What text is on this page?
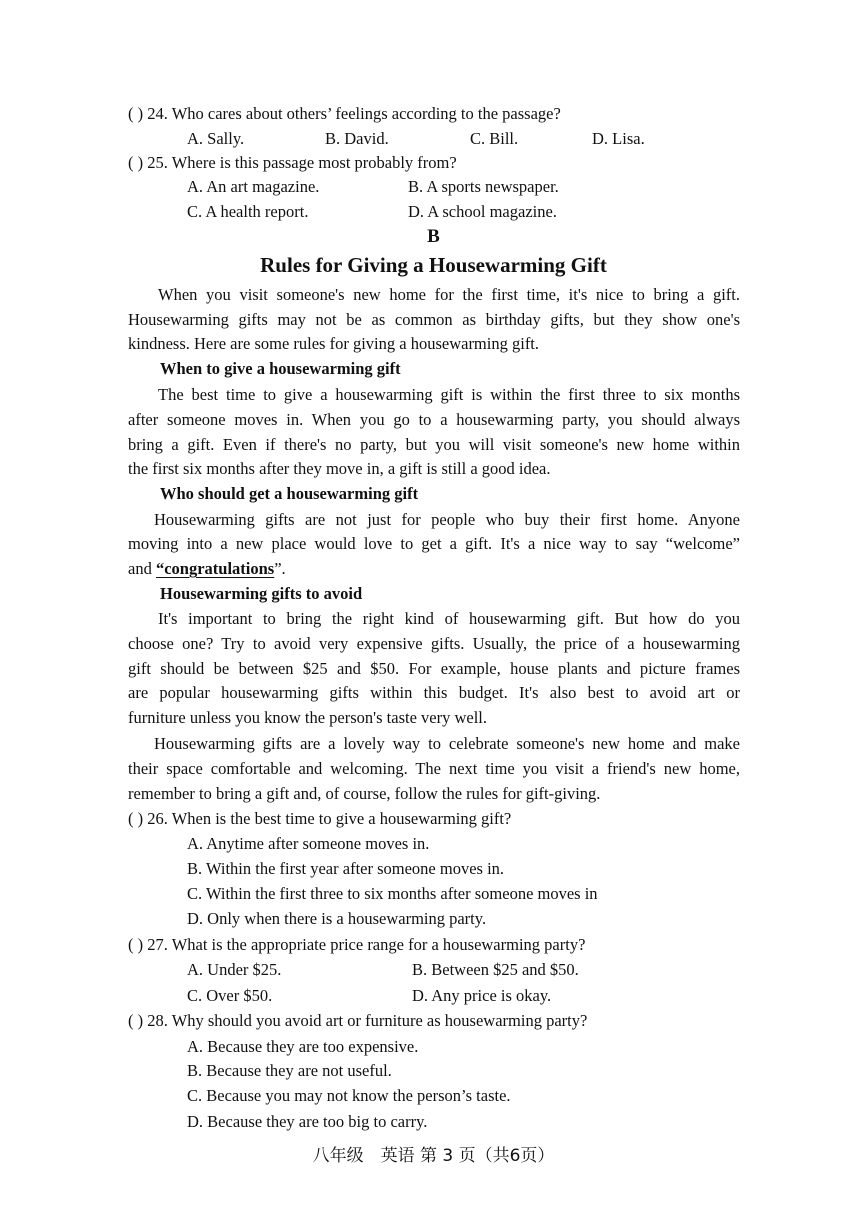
( ) 24. Who cares about others’ feelings according to the passage?
A. Sally.	B. David.	C. Bill.	D. Lisa.
( ) 25. Where is this passage most probably from?
A. An art magazine.	B. A sports newspaper.
C. A health report.	D. A school magazine.
B
Rules for Giving a Housewarming Gift
When you visit someone's new home for the first time, it's nice to bring a gift.
Housewarming gifts may not be as common as birthday gifts, but they show one's
kindness. Here are some rules for giving a housewarming gift.
When to give a housewarming gift
The best time to give a housewarming gift is within the first three to six months
after someone moves in. When you go to a housewarming party, you should always
bring a gift. Even if there's no party, but you will visit someone's new home within
the first six months after they move in, a gift is still a good idea.
Who should get a housewarming gift
Housewarming gifts are not just for people who buy their first home. Anyone
moving into a new place would love to get a gift. It's a nice way to say “welcome”
and “congratulations”.
Housewarming gifts to avoid
It's important to bring the right kind of housewarming gift. But how do you
choose one? Try to avoid very expensive gifts. Usually, the price of a housewarming
gift should be between $25 and $50. For example, house plants and picture frames
are popular housewarming gifts within this budget. It's also best to avoid art or
furniture unless you know the person's taste very well.
Housewarming gifts are a lovely way to celebrate someone's new home and make
their space comfortable and welcoming. The next time you visit a friend's new home,
remember to bring a gift and, of course, follow the rules for gift-giving.
( ) 26. When is the best time to give a housewarming gift?
A. Anytime after someone moves in.
B. Within the first year after someone moves in.
C. Within the first three to six months after someone moves in
D. Only when there is a housewarming party.
( ) 27. What is the appropriate price range for a housewarming party?
A. Under $25.	B. Between $25 and $50.
C. Over $50.	D. Any price is okay.
( ) 28. Why should you avoid art or furniture as housewarming party?
A. Because they are too expensive.
B. Because they are not useful.
C. Because you may not know the person’s taste.
D. Because they are too big to carry.
八年级　英语 第 3 页（共6页）
